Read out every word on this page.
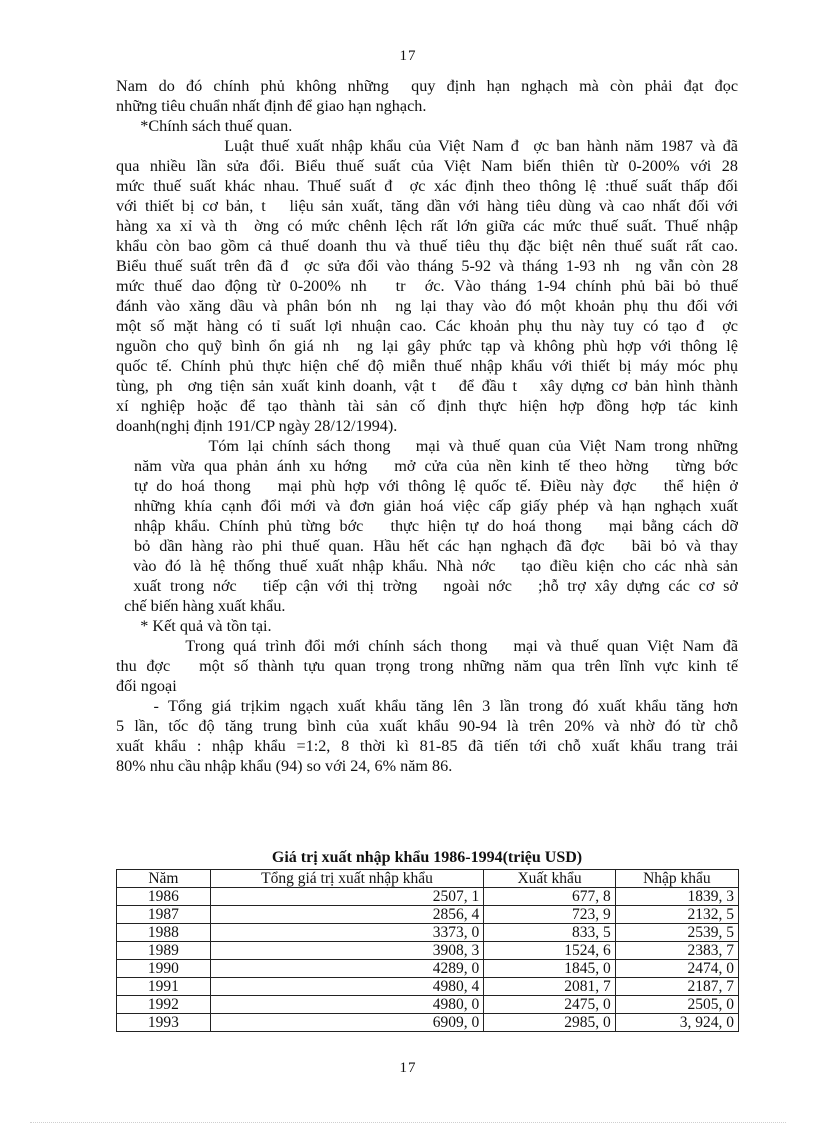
17
Nam do đó chính phủ không những  quy định hạn nghạch mà còn phải đạt đọc
những tiêu chuẩn nhất định để giao hạn nghạch.
*Chính sách thuế quan.
Luật thuế xuất nhập khẩu của Việt Nam đ  ợc ban hành năm 1987 và đã
qua nhiều lần sửa đổi. Biểu thuế suất của Việt Nam biến thiên từ 0-200% với 28
mức thuế suất khác nhau. Thuế suất đ  ợc xác định theo thông lệ :thuế suất thấp đối
với thiết bị cơ bản, t   liệu sản xuất, tăng dần với hàng tiêu dùng và cao nhất đối với
hàng xa xỉ và th  ờng có mức chênh lệch rất lớn giữa các mức thuế suất. Thuế nhập
khẩu còn bao gồm cả thuế doanh thu và thuế tiêu thụ đặc biệt nên thuế suất rất cao.
Biểu thuế suất trên đã đ  ợc sửa đổi vào tháng 5-92 và tháng 1-93 nh  ng vẫn còn 28
mức thuế dao động từ 0-200% nh   tr  ớc. Vào tháng 1-94 chính phủ bãi bỏ thuế
đánh vào xăng dầu và phân bón nh  ng lại thay vào đó một khoản phụ thu đối với
một số mặt hàng có tỉ suất lợi nhuận cao. Các khoản phụ thu này tuy có tạo đ  ợc
nguồn cho quỹ bình ổn giá nh  ng lại gây phức tạp và không phù hợp với thông lệ
quốc tế. Chính phủ thực hiện chế độ miễn thuế nhập khẩu với thiết bị máy móc phụ
tùng, ph  ơng tiện sản xuất kinh doanh, vật t   để đầu t   xây dựng cơ bản hình thành
xí nghiệp hoặc để tạo thành tài sản cố định thực hiện hợp đồng hợp tác kinh
doanh(nghị định 191/CP ngày 28/12/1994).
Tóm lại chính sách thong   mại và thuế quan của Việt Nam trong những
năm vừa qua phản ánh xu hớng   mở cửa của nền kinh tế theo hờng   từng bớc
tự do hoá thong   mại phù hợp với thông lệ quốc tế. Điều này đợc   thể hiện ở
những khía cạnh đổi mới và đơn giản hoá việc cấp giấy phép và hạn nghạch xuất
nhập khẩu. Chính phủ từng bớc   thực hiện tự do hoá thong   mại bằng cách dỡ
bỏ dần hàng rào phi thuế quan. Hầu hết các hạn nghạch đã đợc   bãi bỏ và thay
vào đó là hệ thống thuế xuất nhập khẩu. Nhà nớc   tạo điều kiện cho các nhà sản
xuất trong nớc   tiếp cận với thị trờng   ngoài nớc   ;hỗ trợ xây dựng các cơ sở
chế biến hàng xuất khẩu.
* Kết quả và tồn tại.
Trong quá trình đổi mới chính sách thong   mại và thuế quan Việt Nam đã
thu đợc   một số thành tựu quan trọng trong những năm qua trên lĩnh vực kinh tế
đối ngoại
- Tổng giá trịkim ngạch xuất khẩu tăng lên 3 lần trong đó xuất khẩu tăng hơn
5 lần, tốc độ tăng trung bình của xuất khẩu 90-94 là trên 20% và nhờ đó từ chỗ
xuất khẩu : nhập khẩu =1:2, 8 thời kì 81-85 đã tiến tới chỗ xuất khẩu trang trải
80% nhu cầu nhập khẩu (94) so với 24, 6% năm 86.
Giá trị xuất nhập khẩu 1986-1994(triệu USD)
Năm	Tổng giá trị xuất nhập khẩu	Xuất khẩu	Nhập khẩu
1986	2507, 1	677, 8	1839, 3
1987	2856, 4	723, 9	2132, 5
1988	3373, 0	833, 5	2539, 5
1989	3908, 3	1524, 6	2383, 7
1990	4289, 0	1845, 0	2474, 0
1991	4980, 4	2081, 7	2187, 7
1992	4980, 0	2475, 0	2505, 0
1993	6909, 0	2985, 0	3, 924, 0
17
